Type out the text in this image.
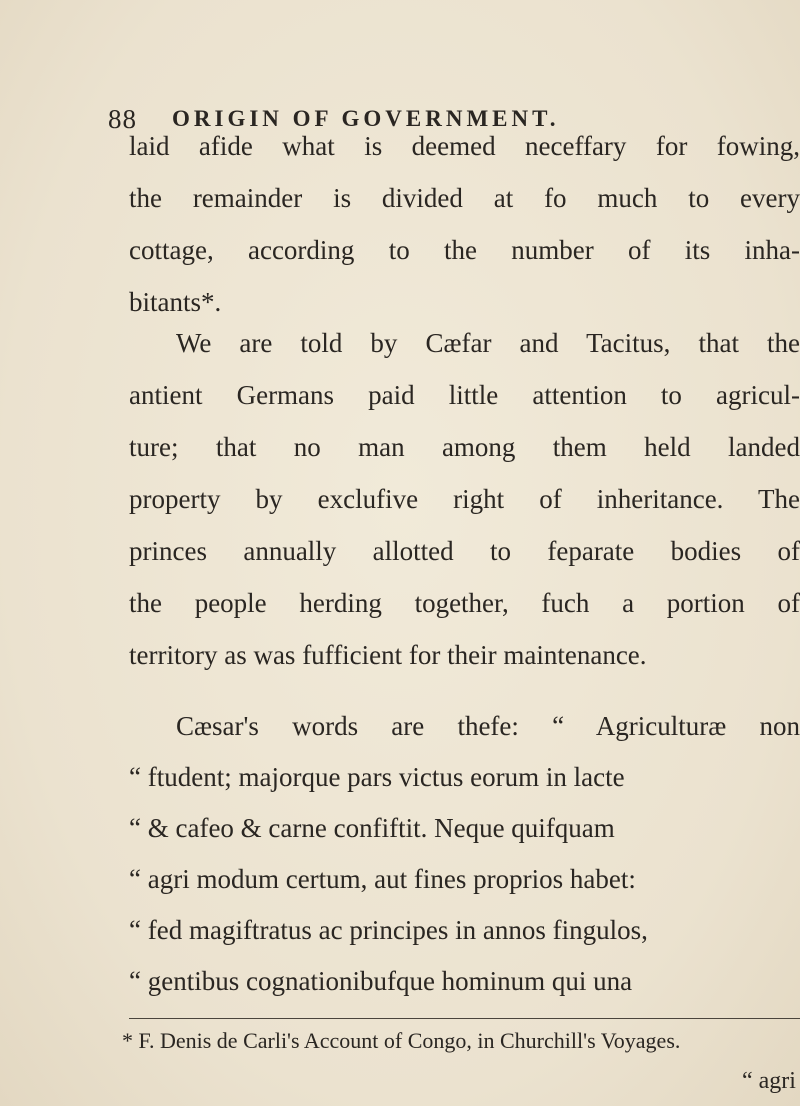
88 ORIGIN OF GOVERNMENT.
laid afide what is deemed neceffary for fowing,
the remainder is divided at fo much to every
cottage, according to the number of its inha-
bitants*.
We are told by Cæfar and Tacitus, that the
antient Germans paid little attention to agricul-
ture; that no man among them held landed
property by exclufive right of inheritance. The
princes annually allotted to feparate bodies of
the people herding together, fuch a portion of
territory as was fufficient for their maintenance.
Cæsar's words are thefe: “ Agriculturæ non
* F. Denis de Carli's Account of Congo, in Churchill's Voyages.
“ agri
“ ftudent; majorque pars victus eorum in lacte
“ & cafeo & carne confiftit. Neque quifquam
“ agri modum certum, aut fines proprios habet:
“ fed magiftratus ac principes in annos fingulos,
“ gentibus cognationibufque hominum qui una
